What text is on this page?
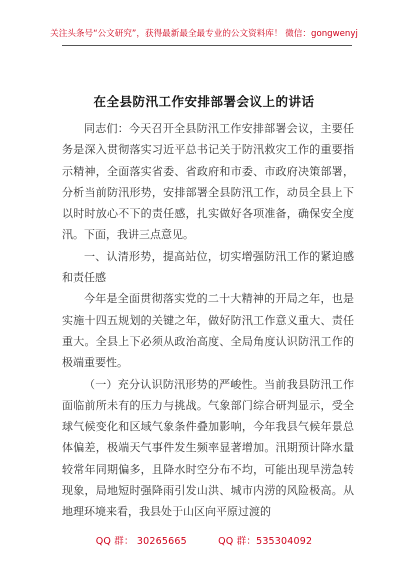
关注头条号“公文研究”，获得最新最全最专业的公文资料库！ 微信：gongwenyj
在全县防汛工作安排部署会议上的讲话

同志们：今天召开全县防汛工作安排部署会议，主要任务是深入贯彻落实习近平总书记关于防汛救灾工作的重要指示精神，全面落实省委、省政府和市委、市政府决策部署，分析当前防汛形势，安排部署全县防汛工作，动员全县上下以时时放心不下的责任感，扎实做好各项准备，确保安全度汛。下面，我讲三点意见。

一、认清形势，提高站位，切实增强防汛工作的紧迫感和责任感

今年是全面贯彻落实党的二十大精神的开局之年，也是实施十四五规划的关键之年，做好防汛工作意义重大、责任重大。全县上下必须从政治高度、全局角度认识防汛工作的极端重要性。

（一）充分认识防汛形势的严峻性。当前我县防汛工作面临前所未有的压力与挑战。气象部门综合研判显示，受全球气候变化和区域气象条件叠加影响，今年我县气候年景总体偏差，极端天气事件发生频率显著增加。汛期预计降水量较常年同期偏多，且降水时空分布不均，可能出现旱涝急转现象，局地短时强降雨引发山洪、城市内涝的风险极高。从地理环境来看，我县处于山区向平原过渡的

QQ 群： 30265665	QQ 群：535304092
